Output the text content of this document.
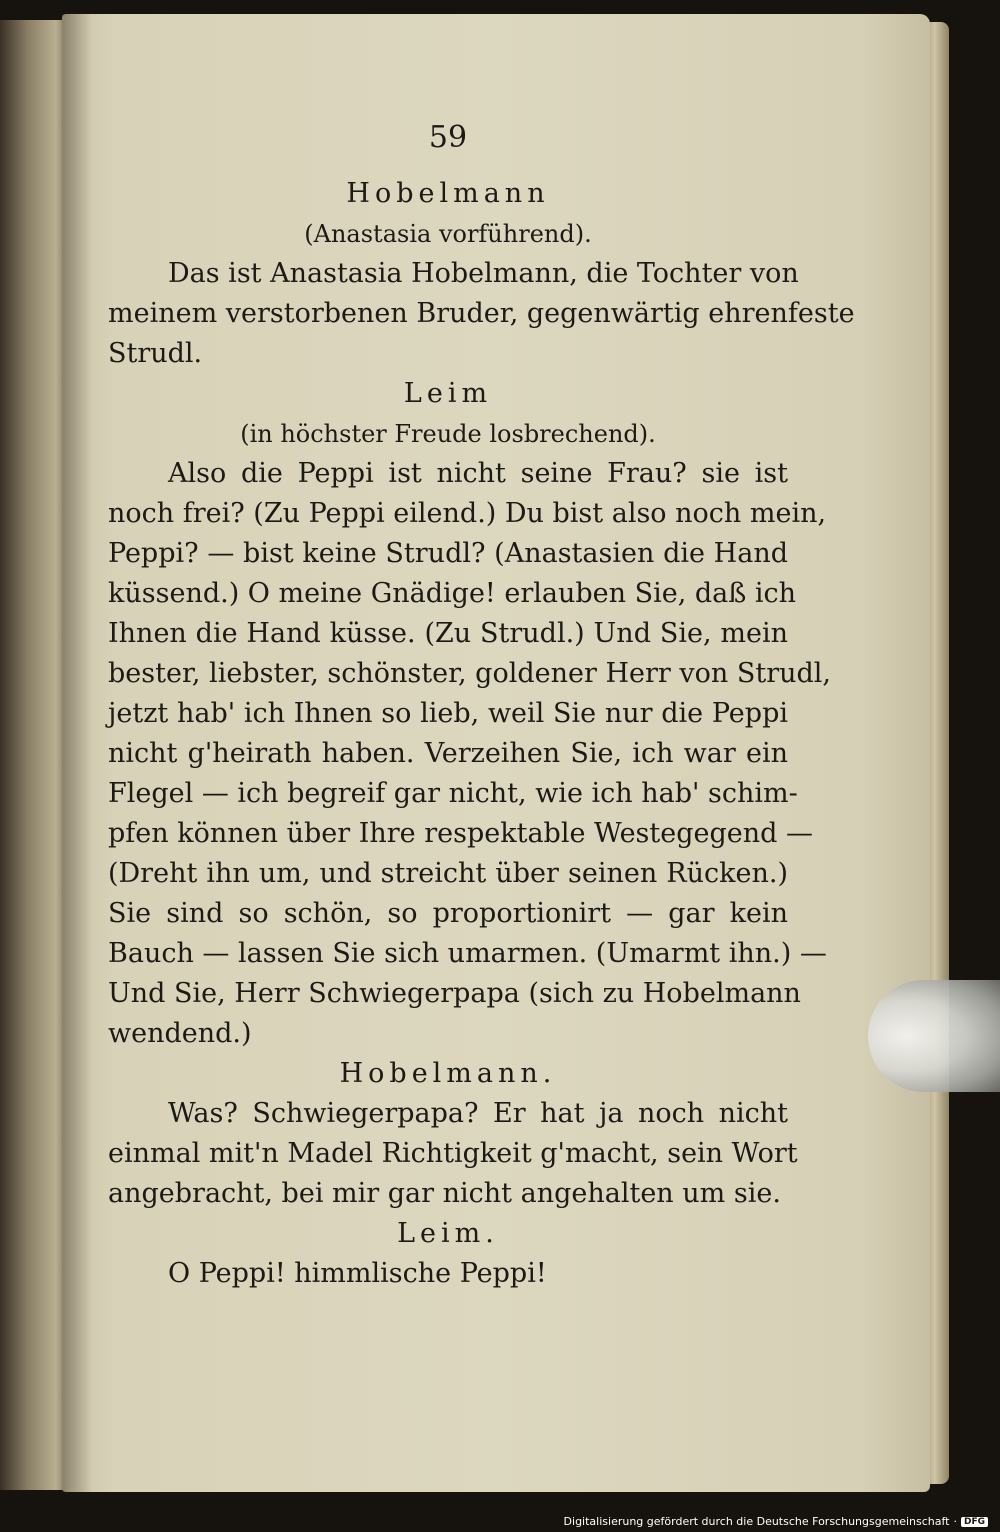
59
Hobelmann
(Anastasia vorführend).
Das ist Anastasia Hobelmann, die Tochter von
meinem verstorbenen Bruder, gegenwärtig ehrenfeste
Strudl.
Leim
(in höchster Freude losbrechend).
Also die Peppi ist nicht seine Frau? sie ist
noch frei? (Zu Peppi eilend.) Du bist also noch mein,
Peppi? — bist keine Strudl? (Anastasien die Hand
küssend.) O meine Gnädige! erlauben Sie, daß ich
Ihnen die Hand küsse. (Zu Strudl.) Und Sie, mein
bester, liebster, schönster, goldener Herr von Strudl,
jetzt hab' ich Ihnen so lieb, weil Sie nur die Peppi
nicht g'heirath haben. Verzeihen Sie, ich war ein
Flegel — ich begreif gar nicht, wie ich hab' schim-
pfen können über Ihre respektable Westegegend —
(Dreht ihn um, und streicht über seinen Rücken.)
Sie sind so schön, so proportionirt — gar kein
Bauch — lassen Sie sich umarmen. (Umarmt ihn.) —
Und Sie, Herr Schwiegerpapa (sich zu Hobelmann
wendend.)
Hobelmann.
Was? Schwiegerpapa? Er hat ja noch nicht
einmal mit'n Madel Richtigkeit g'macht, sein Wort
angebracht, bei mir gar nicht angehalten um sie.
Leim.
O Peppi! himmlische Peppi!
Digitalisierung gefördert durch die Deutsche Forschungsgemeinschaft · DFG
